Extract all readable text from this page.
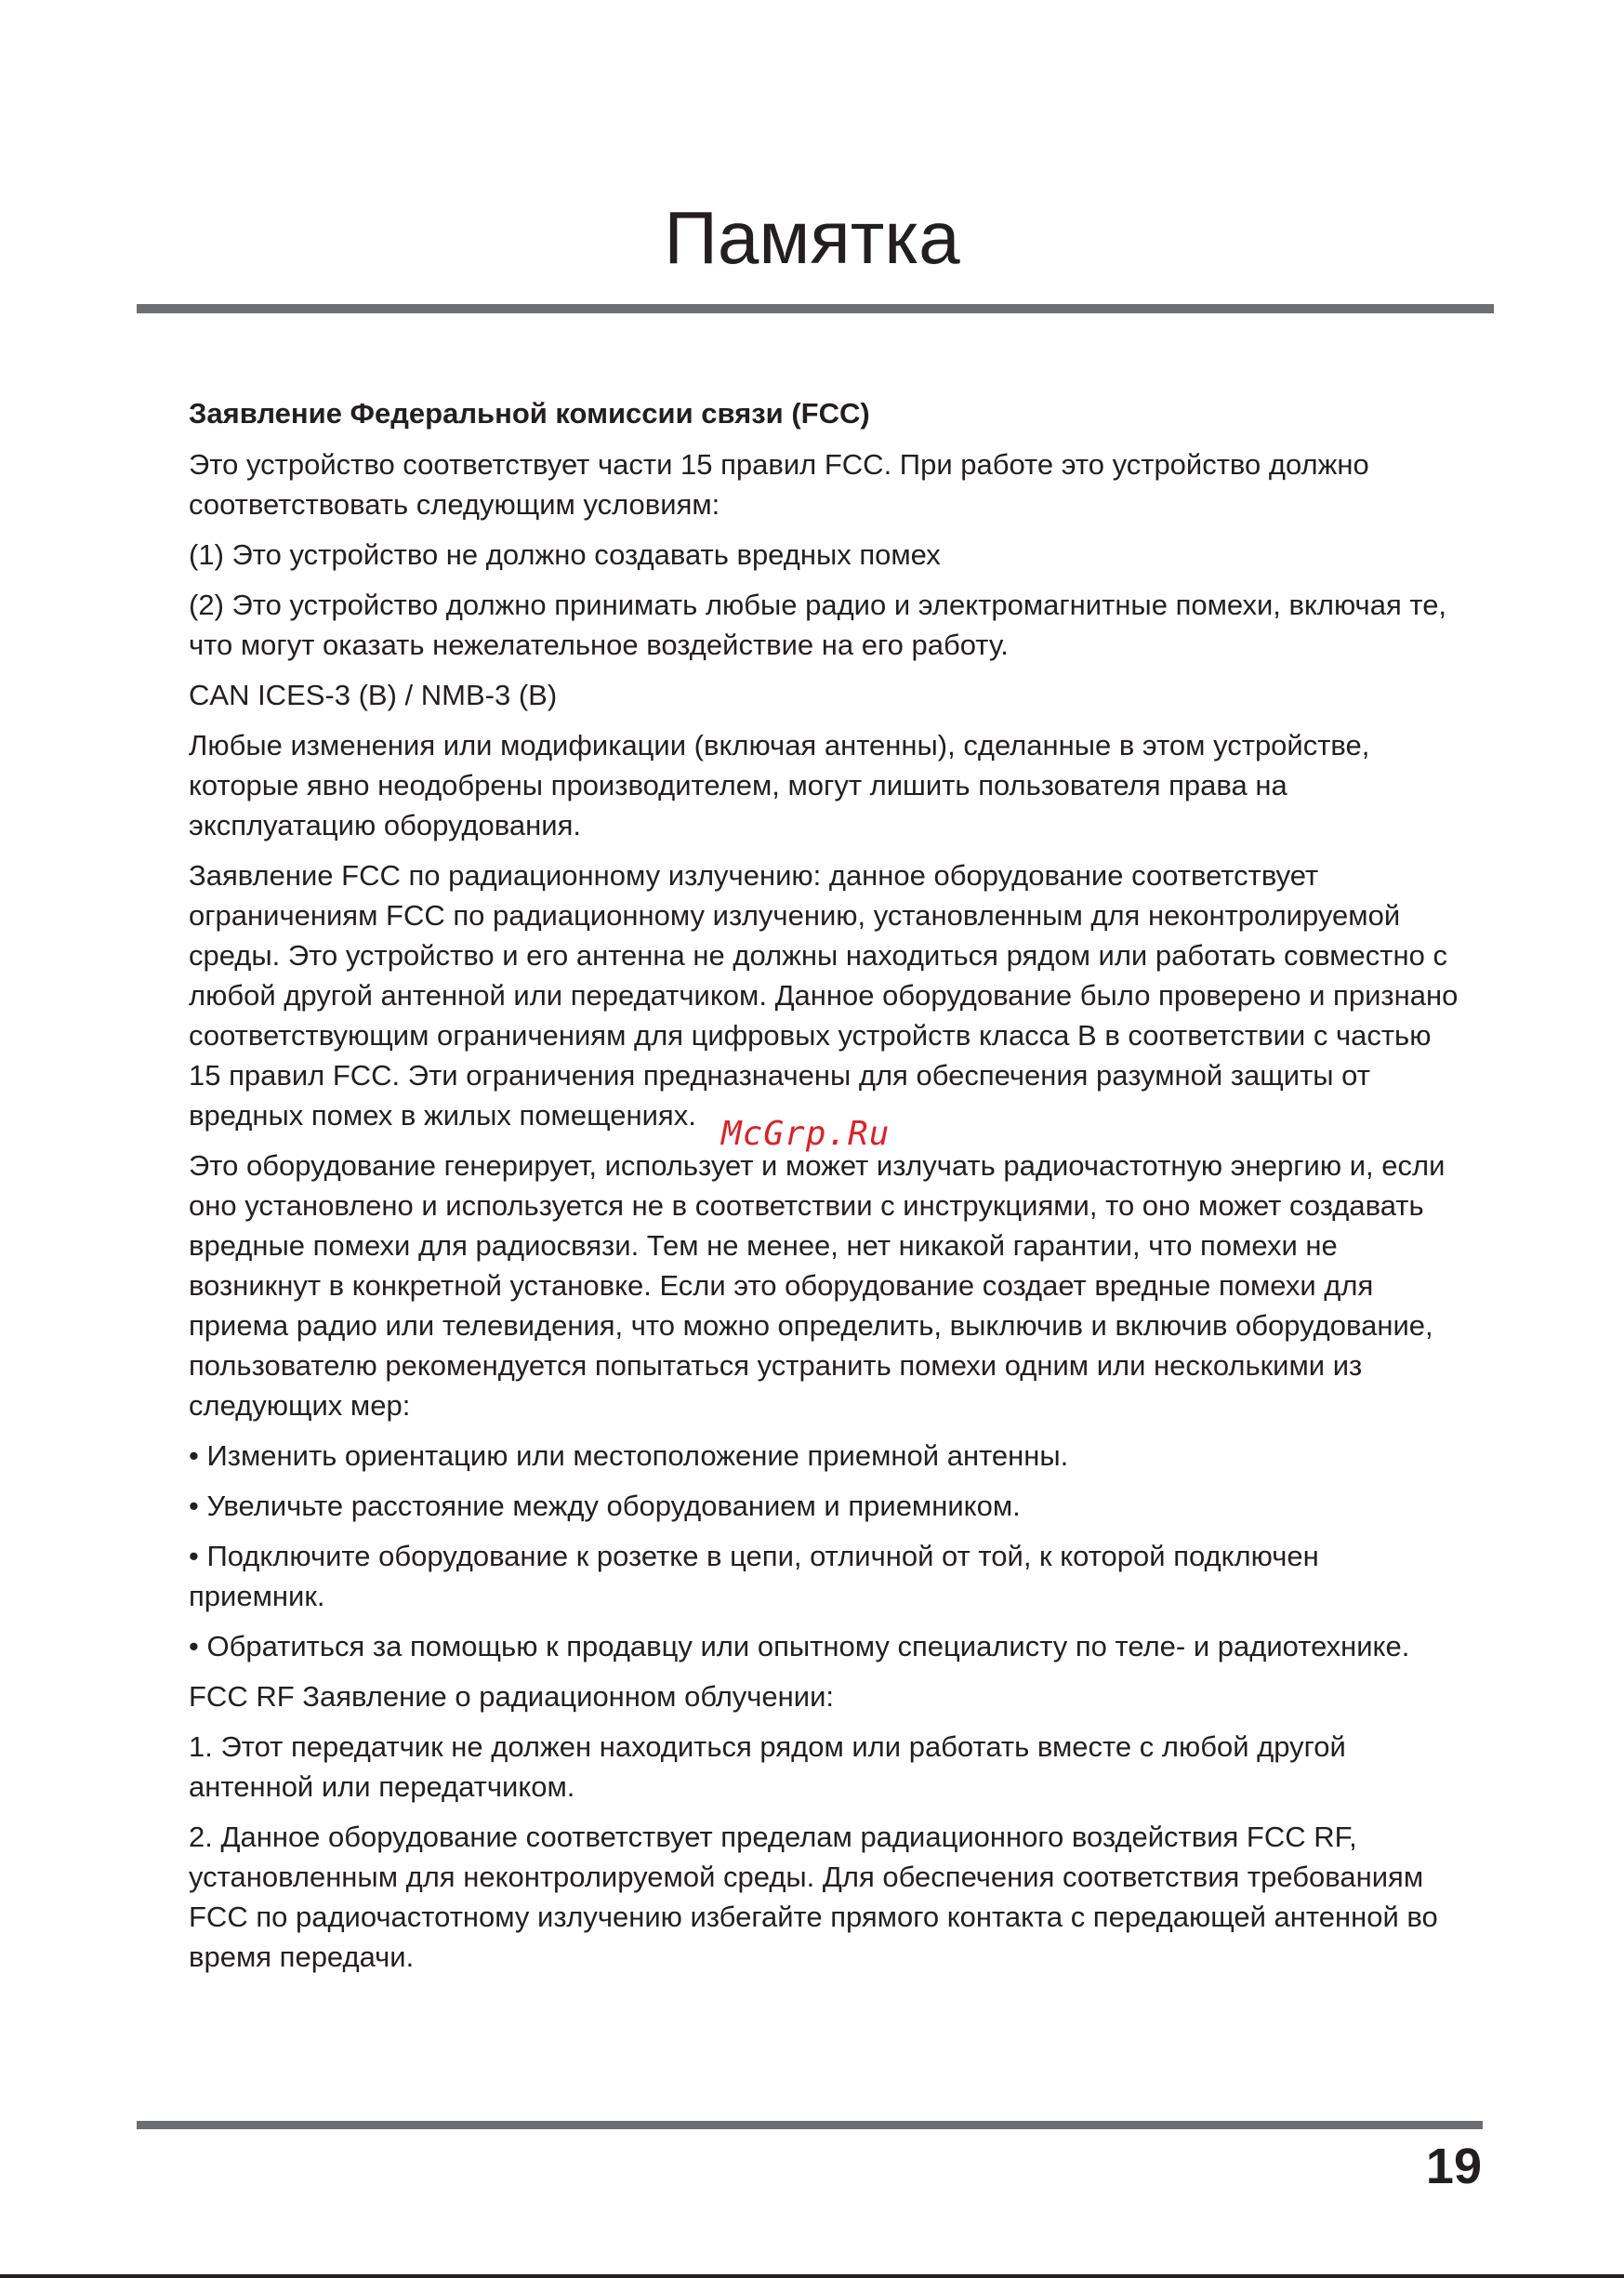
Памятка

Заявление Федеральной комиссии связи (FCC)

Это устройство соответствует части 15 правил FCC. При работе это устройство должно соответствовать следующим условиям:

(1) Это устройство не должно создавать вредных помех

(2) Это устройство должно принимать любые радио и электромагнитные помехи, включая те, что могут оказать нежелательное воздействие на его работу.

CAN ICES-3 (B) / NMB-3 (B)

Любые изменения или модификации (включая антенны), сделанные в этом устройстве, которые явно неодобрены производителем, могут лишить пользователя права на эксплуатацию оборудования.

Заявление FCC по радиационному излучению: данное оборудование соответствует ограничениям FCC по радиационному излучению, установленным для неконтролируемой среды. Это устройство и его антенна не должны находиться рядом или работать совместно с любой другой антенной или передатчиком. Данное оборудование было проверено и признано соответствующим ограничениям для цифровых устройств класса B в соответствии с частью 15 правил FCC. Эти ограничения предназначены для обеспечения разумной защиты от вредных помех в жилых помещениях.

Это оборудование генерирует, использует и может излучать радиочастотную энергию и, если оно установлено и используется не в соответствии с инструкциями, то оно может создавать вредные помехи для радиосвязи. Тем не менее, нет никакой гарантии, что помехи не возникнут в конкретной установке. Если это оборудование создает вредные помехи для приема радио или телевидения, что можно определить, выключив и включив оборудование, пользователю рекомендуется попытаться устранить помехи одним или несколькими из следующих мер:

• Изменить ориентацию или местоположение приемной антенны.

• Увеличьте расстояние между оборудованием и приемником.

• Подключите оборудование к розетке в цепи, отличной от той, к которой подключен приемник.

• Обратиться за помощью к продавцу или опытному специалисту по теле- и радиотехнике.

FCC RF Заявление о радиационном облучении:

1. Этот передатчик не должен находиться рядом или работать вместе с любой другой антенной или передатчиком.

2. Данное оборудование соответствует пределам радиационного воздействия FCC RF, установленным для неконтролируемой среды. Для обеспечения соответствия требованиям FCC по радиочастотному излучению избегайте прямого контакта с передающей антенной во время передачи.

McGrp.Ru
19
